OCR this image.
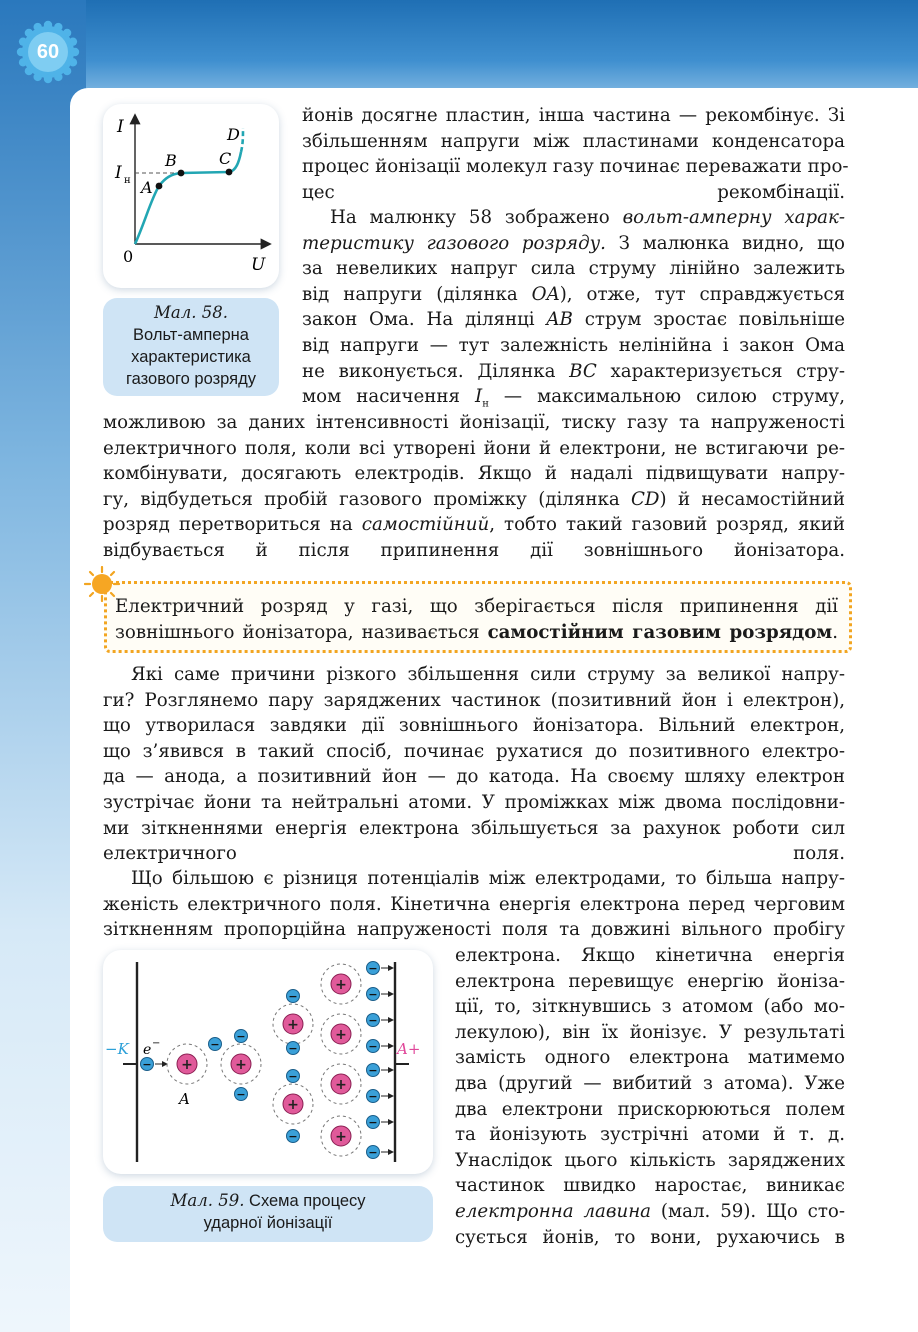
60
I
U
0
I н A
B	C
D
Мал. 58.
Вольт-амперна
характеристика
газового розряду
йонів досягне пластин, інша частина — рекомбінує. Зі
збільшенням напруги між пластинами конденсатора
процес йонізації молекул газу починає переважати про-
цес рекомбінації.
На малюнку 58 зображено вольт-амперну харак-
теристику газового розряду. З малюнка видно, що
за невеликих напруг сила струму лінійно залежить
від напруги (ділянка OA), отже, тут справджується
закон Ома. На ділянці AB струм зростає повільніше
від напруги — тут залежність нелінійна і закон Ома
не виконується. Ділянка BC характеризується стру-
мом насичення $I_н$ — максимальною силою струму,
можливою за даних інтенсивності йонізації, тиску газу та напруженості
електричного поля, коли всі утворені йони й електрони, не встигаючи ре-
комбінувати, досягають електродів. Якщо й надалі підвищувати напру-
гу, відбудеться пробій газового проміжку (ділянка CD) й несамостійний
розряд перетвориться на самостійний, тобто такий газовий розряд, який
відбувається й після припинення дії зовнішнього йонізатора.
Електричний розряд у газі, що зберігається після припинення дії
зовнішнього йонізатора, називається самостійним газовим розрядом.
Які саме причини різкого збільшення сили струму за великої напру-
ги? Розглянемо пару заряджених частинок (позитивний йон і електрон),
що утворилася завдяки дії зовнішнього йонізатора. Вільний електрон,
що з’явився в такий спосіб, починає рухатися до позитивного електро-
да — анода, а позитивний йон — до катода. На своєму шляху електрон
зустрічає йони та нейтральні атоми. У проміжках між двома послідовни-
ми зіткненнями енергія електрона збільшується за рахунок роботи сил
електричного поля.
Що більшою є різниця потенціалів між електродами, то більша напру-
женість електричного поля. Кінетична енергія електрона перед черговим
зіткненням пропорційна напруженості поля та довжині вільного пробігу
електрона. Якщо кінетична енергія
електрона перевищує енергію йоніза-
ції, то, зіткнувшись з атомом (або мо-
лекулою), він їх йонізує. У результаті
замість одного електрона матимемо
два (другий — вибитий з атома). Уже
два електрони прискорюються полем
та йонізують зустрічні атоми й т. д.
Унаслідок цього кількість заряджених
частинок швидко наростає, виникає
електронна лавина (мал. 59). Що сто-
сується йонів, то вони, рухаючись в
−K	A+
e −
A
− +
−
+
−
−
+
+
−
−
−
−
+
+
+
+
−
−
−
−
−
−
−
−
Мал. 59. Схема процесу
ударної йонізації
